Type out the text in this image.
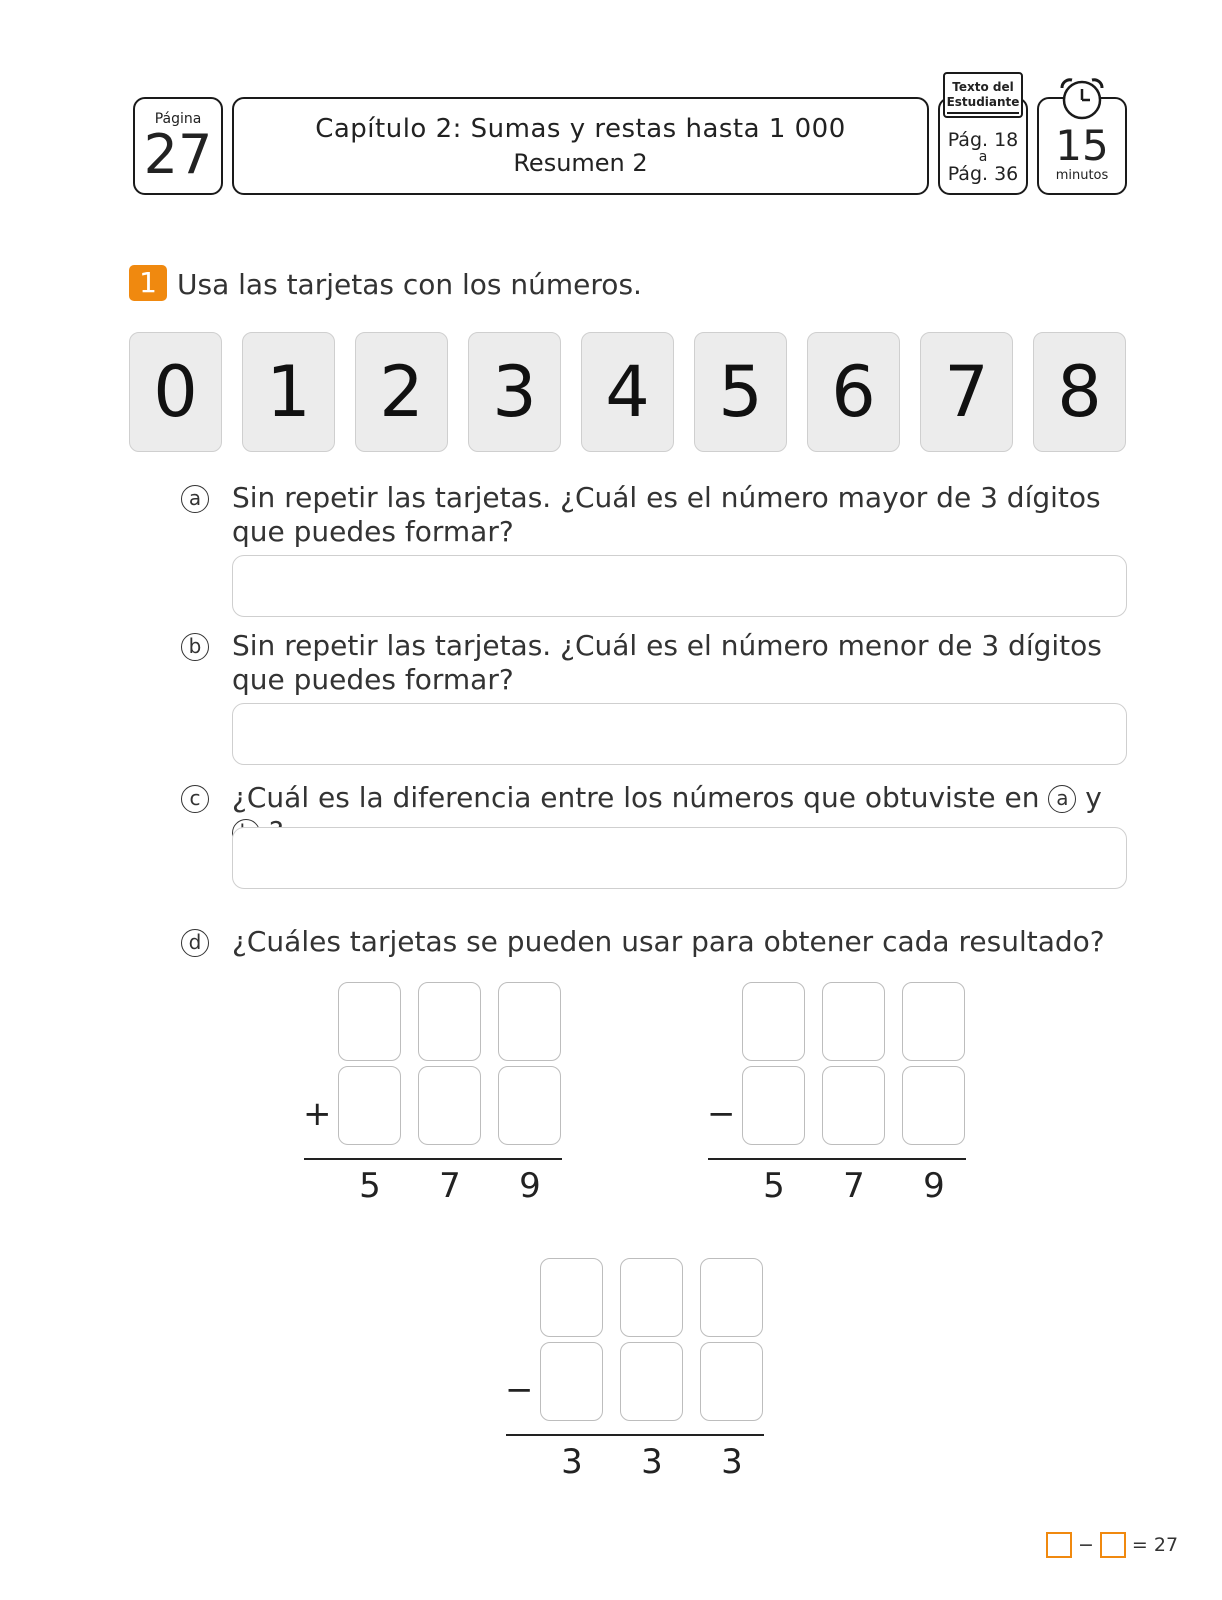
Página
27	Capítulo 2: Sumas y restas hasta 1 000
Resumen 2
Pág. 18
a
Pág. 36
Texto del
Estudiante
15
minutos
1 Usa las tarjetas con los números.
0 1 2 3 4 5 6 7 8
a Sin repetir las tarjetas. ¿Cuál es el número mayor de 3 dígitos que puedes formar?
b Sin repetir las tarjetas. ¿Cuál es el número menor de 3 dígitos que puedes formar?
c	¿Cuál es la diferencia entre los números que obtuviste en a y
d ¿Cuáles tarjetas se pueden usar para obtener cada resultado?
+
5 7 9
−
5 7 9
−
3 3 3
− = 27
